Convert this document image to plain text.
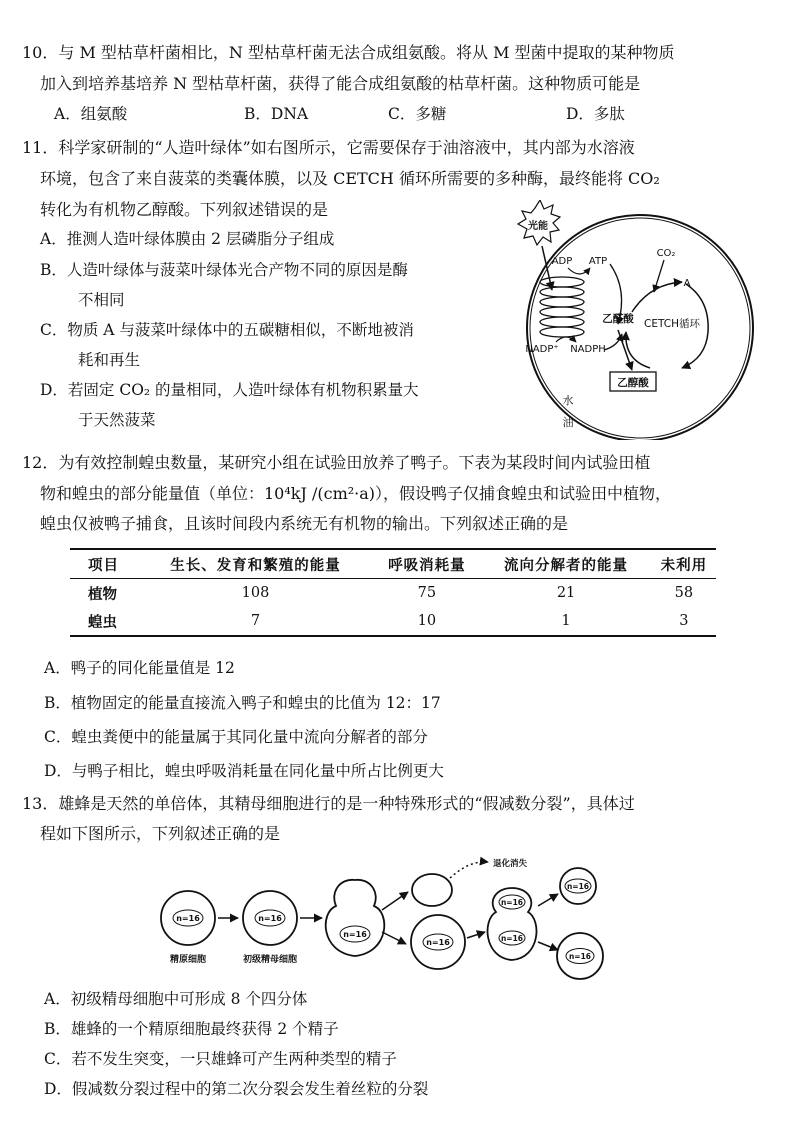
10．与 M 型枯草杆菌相比，N 型枯草杆菌无法合成组氨酸。将从 M 型菌中提取的某种物质
加入到培养基培养 N 型枯草杆菌，获得了能合成组氨酸的枯草杆菌。这种物质可能是
A．组氨酸	B．DNA	C．多糖	D．多肽
11．科学家研制的“人造叶绿体”如右图所示，它需要保存于油溶液中，其内部为水溶液
环境，包含了来自菠菜的类囊体膜，以及 CETCH 循环所需要的多种酶，最终能将 CO₂
转化为有机物乙醇酸。下列叙述错误的是
A．推测人造叶绿体膜由 2 层磷脂分子组成
B．人造叶绿体与菠菜叶绿体光合产物不同的原因是酶
不相同
C．物质 A 与菠菜叶绿体中的五碳糖相似，不断地被消
耗和再生
D．若固定 CO₂ 的量相同，人造叶绿体有机物积累量大
于天然菠菜
光能
ADP ATP
NADP⁺ NADPH
CO₂
A
乙醛酸 CETCH循环
乙醇酸
水
油
12．为有效控制蝗虫数量，某研究小组在试验田放养了鸭子。下表为某段时间内试验田植
物和蝗虫的部分能量值（单位：10⁴kJ /(cm²·a)），假设鸭子仅捕食蝗虫和试验田中植物，
蝗虫仅被鸭子捕食，且该时间段内系统无有机物的输出。下列叙述正确的是
项目	生长、发育和繁殖的能量	呼吸消耗量	流向分解者的能量	未利用
植物	108	75	21	58
蝗虫	7	10	1	3
A．鸭子的同化能量值是 12
B．植物固定的能量直接流入鸭子和蝗虫的比值为 12：17
C．蝗虫粪便中的能量属于其同化量中流向分解者的部分
D．与鸭子相比，蝗虫呼吸消耗量在同化量中所占比例更大
13．雄蜂是天然的单倍体，其精母细胞进行的是一种特殊形式的“假减数分裂”，具体过
程如下图所示，下列叙述正确的是
n=16
精原细胞
n=16
初级精母细胞
n=16
退化消失
n=16
n=16
n=16
n=16
n=16
A．初级精母细胞中可形成 8 个四分体
B．雄蜂的一个精原细胞最终获得 2 个精子
C．若不发生突变，一只雄蜂可产生两种类型的精子
D．假减数分裂过程中的第二次分裂会发生着丝粒的分裂
